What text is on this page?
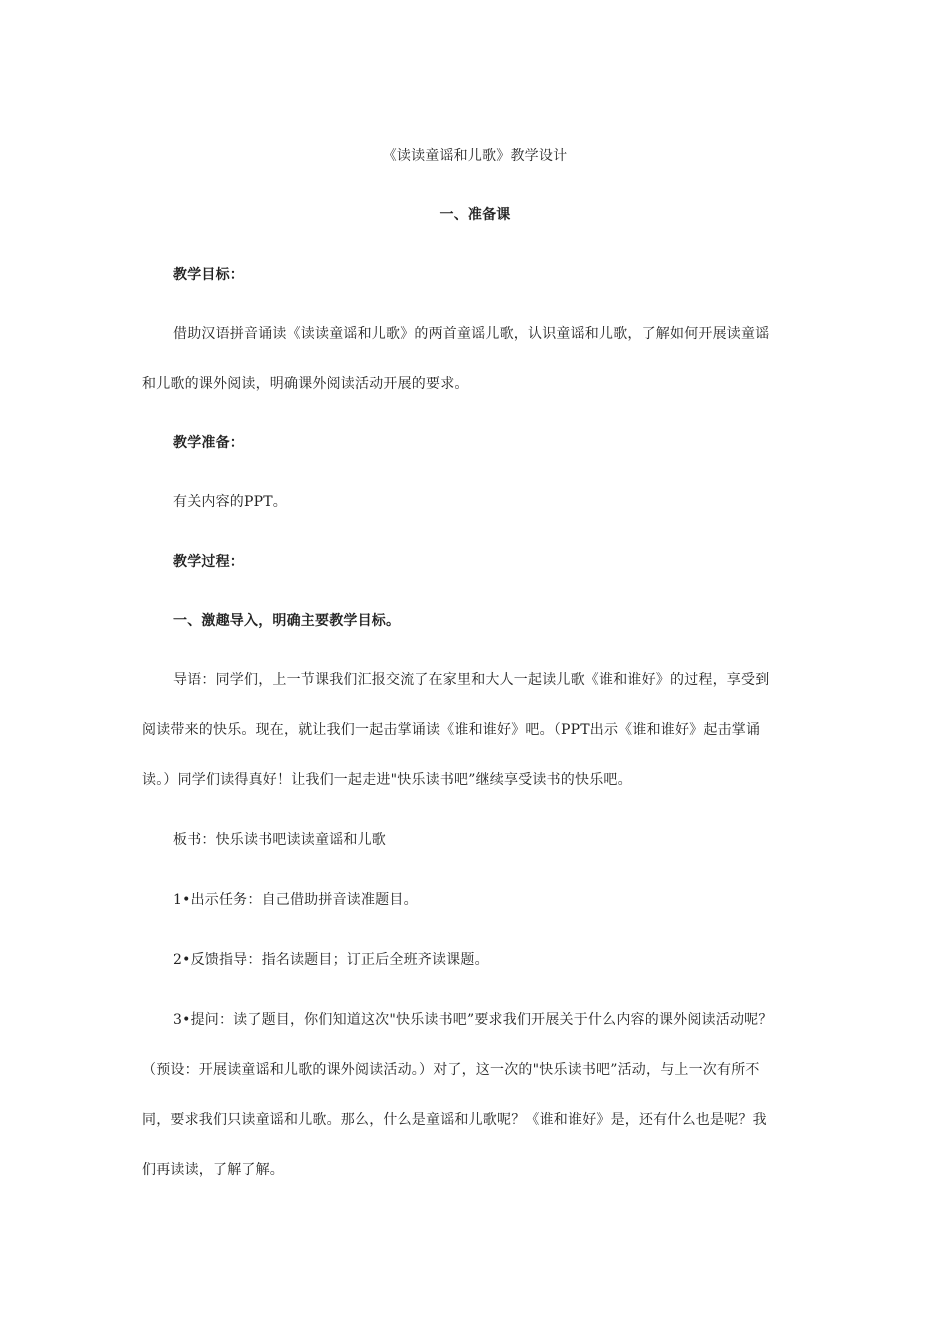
《读读童谣和儿歌》教学设计
一、准备课
教学目标：
借助汉语拼音诵读《读读童谣和儿歌》的两首童谣儿歌，认识童谣和儿歌，了解如何开展读童谣
和儿歌的课外阅读，明确课外阅读活动开展的要求。
教学准备：
有关内容的PPT。
教学过程：
一、激趣导入，明确主要教学目标。
导语：同学们，上一节课我们汇报交流了在家里和大人一起读儿歌《谁和谁好》的过程，享受到
阅读带来的快乐。现在，就让我们一起击掌诵读《谁和谁好》吧。（PPT出示《谁和谁好》起击掌诵
读。）同学们读得真好！让我们一起走进"快乐读书吧”继续享受读书的快乐吧。
板书：快乐读书吧读读童谣和儿歌
1•出示任务：自己借助拼音读准题目。
2•反馈指导：指名读题目；订正后全班齐读课题。
3•提问：读了题目，你们知道这次"快乐读书吧”要求我们开展关于什么内容的课外阅读活动呢？
（预设：开展读童谣和儿歌的课外阅读活动。）对了，这一次的"快乐读书吧”活动，与上一次有所不
同，要求我们只读童谣和儿歌。那么，什么是童谣和儿歌呢？《谁和谁好》是，还有什么也是呢？我
们再读读，了解了解。
